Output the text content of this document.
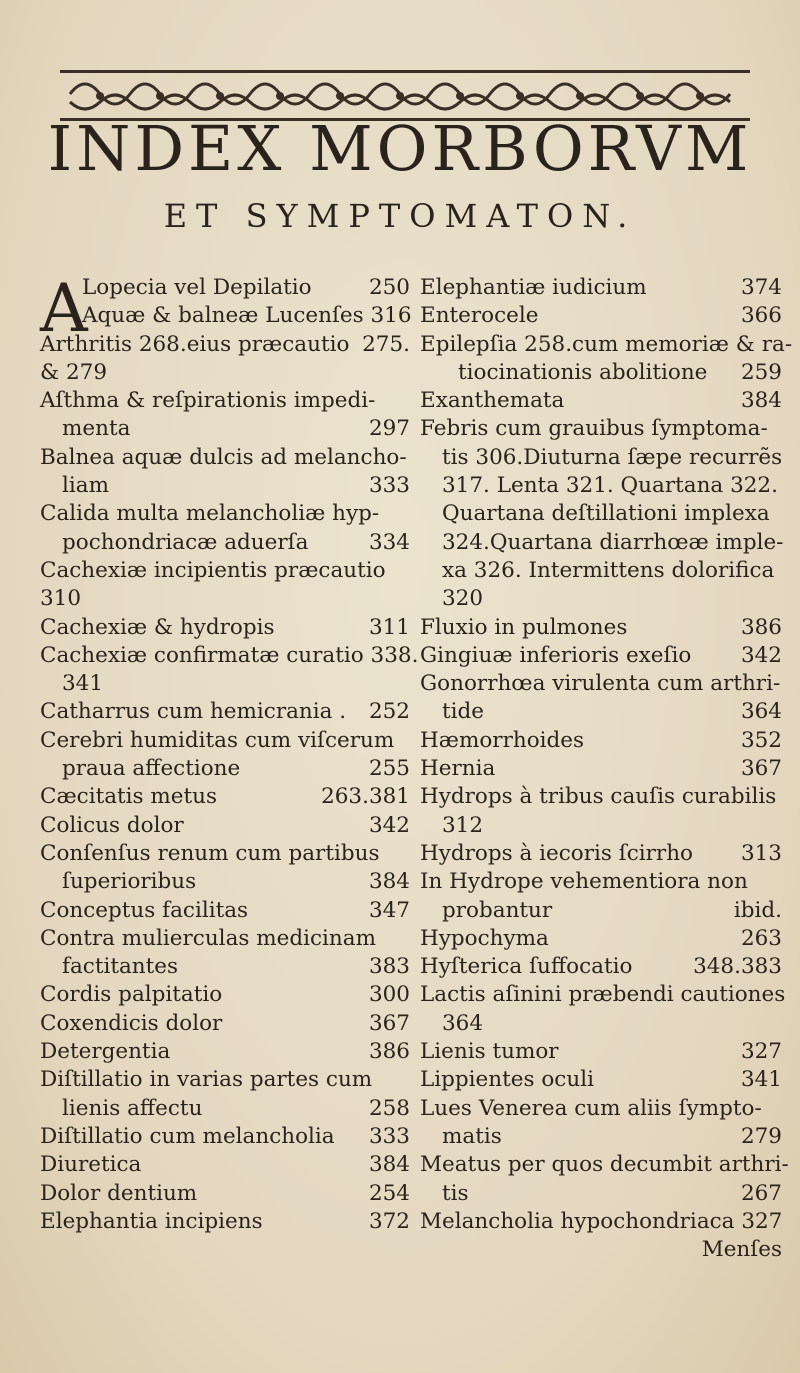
INDEX MORBORVM
ET SYMPTOMATON.
A
Lopecia vel Depilatio	250
Aquæ & balneæ Lucenſes 316
Arthritis 268.eius præcautio 275.
& 279
Aſthma & reſpirationis impedi-
menta	297
Balnea aquæ dulcis ad melancho-
liam	333
Calida multa melancholiæ hyp-
pochondriacæ aduerſa	334
Cachexiæ incipientis præcautio
310
Cachexiæ & hydropis	311
Cachexiæ confirmatæ curatio 338.
341
Catharrus cum hemicrania . 252
Cerebri humiditas cum viſcerum
praua affectione	255
Cæcitatis metus	263.381
Colicus dolor	342
Conſenſus renum cum partibus
ſuperioribus	384
Conceptus facilitas	347
Contra mulierculas medicinam
factitantes	383
Cordis palpitatio	300
Coxendicis dolor	367
Detergentia	386
Diſtillatio in varias partes cum
lienis affectu	258
Diſtillatio cum melancholia 333
Diuretica	384
Dolor dentium	254
Elephantia incipiens	372
Elephantiæ iudicium	374
Enterocele	366
Epilepſia 258.cum memoriæ & ra-
tiocinationis abolitione 259
Exanthemata	384
Febris cum grauibus ſymptoma-
tis 306.Diuturna ſæpe recurrẽs
317. Lenta 321. Quartana 322.
Quartana deſtillationi implexa
324.Quartana diarrhœæ imple-
xa 326. Intermittens dolorifica
320
Fluxio in pulmones	386
Gingiuæ inferioris exeſio 342
Gonorrhœa virulenta cum arthri-
tide	364
Hæmorrhoides	352
Hernia	367
Hydrops à tribus cauſis curabilis
312
Hydrops à iecoris ſcirrho 313
In Hydrope vehementiora non
probantur	ibid.
Hypochyma	263
Hyſterica ſuffocatio	348.383
Lactis aſinini præbendi cautiones
364
Lienis tumor	327
Lippientes oculi	341
Lues Venerea cum aliis ſympto-
matis	279
Meatus per quos decumbit arthri-
tis	267
Melancholia hypochondriaca 327
Menſes
